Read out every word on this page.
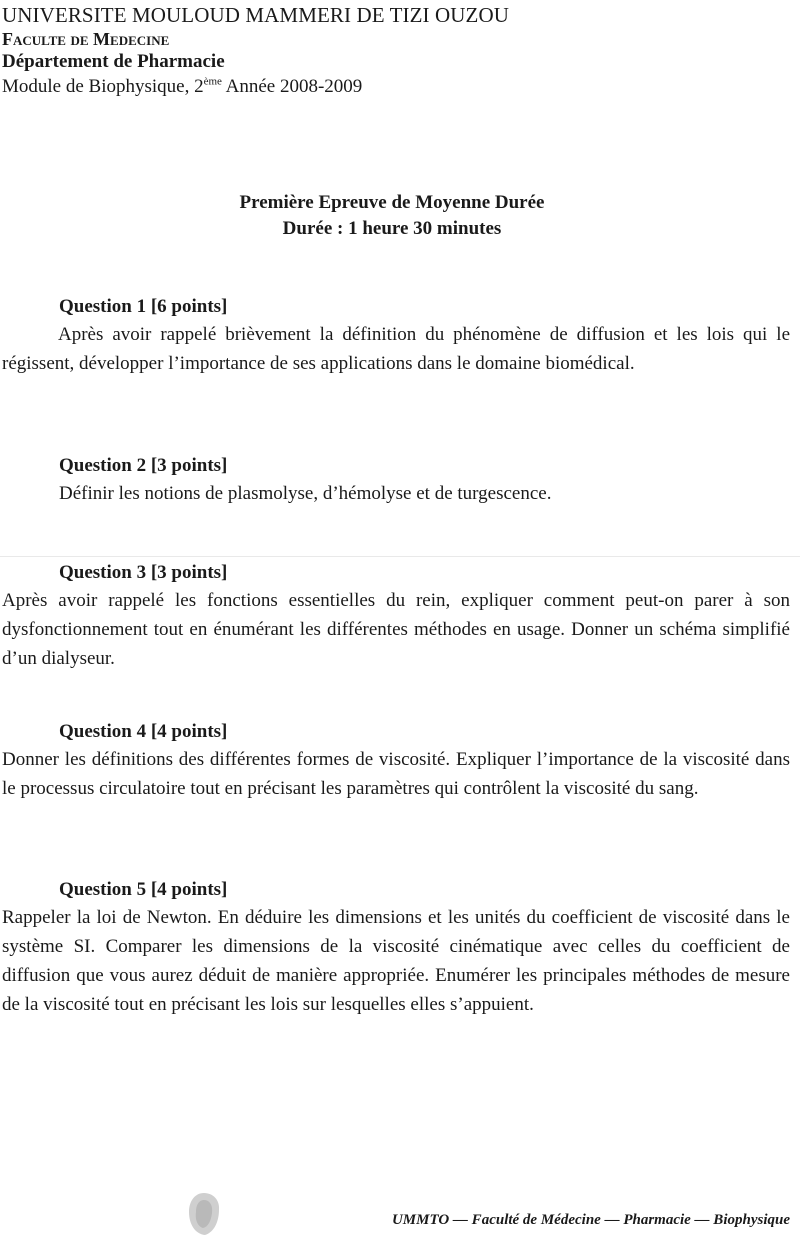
UNIVERSITE MOULOUD MAMMERI DE TIZI OUZOU
Faculte de Medecine
Département de Pharmacie
Module de Biophysique, 2ème Année 2008-2009
Première Epreuve de Moyenne Durée
Durée : 1 heure 30 minutes
Question 1 [6 points]
Après avoir rappelé brièvement la définition du phénomène de diffusion et les lois qui le régissent, développer l’importance de ses applications dans le domaine biomédical.
Question 2 [3 points]
Définir les notions de plasmolyse, d’hémolyse et de turgescence.
Question 3 [3 points]
Après avoir rappelé les fonctions essentielles du rein, expliquer comment peut-on parer à son dysfonctionnement tout en énumérant les différentes méthodes en usage. Donner un schéma simplifié d’un dialyseur.
Question 4 [4 points]
Donner les définitions des différentes formes de viscosité. Expliquer l’importance de la viscosité dans le processus circulatoire tout en précisant les paramètres qui contrôlent la viscosité du sang.
Question 5 [4 points]
Rappeler la loi de Newton. En déduire les dimensions et les unités du coefficient de viscosité dans le système SI. Comparer les dimensions de la viscosité cinématique avec celles du coefficient de diffusion que vous aurez déduit de manière appropriée. Enumérer les principales méthodes de mesure de la viscosité tout en précisant les lois sur lesquelles elles s’appuient.
UMMTO — Faculté de Médecine — Pharmacie — Biophysique
